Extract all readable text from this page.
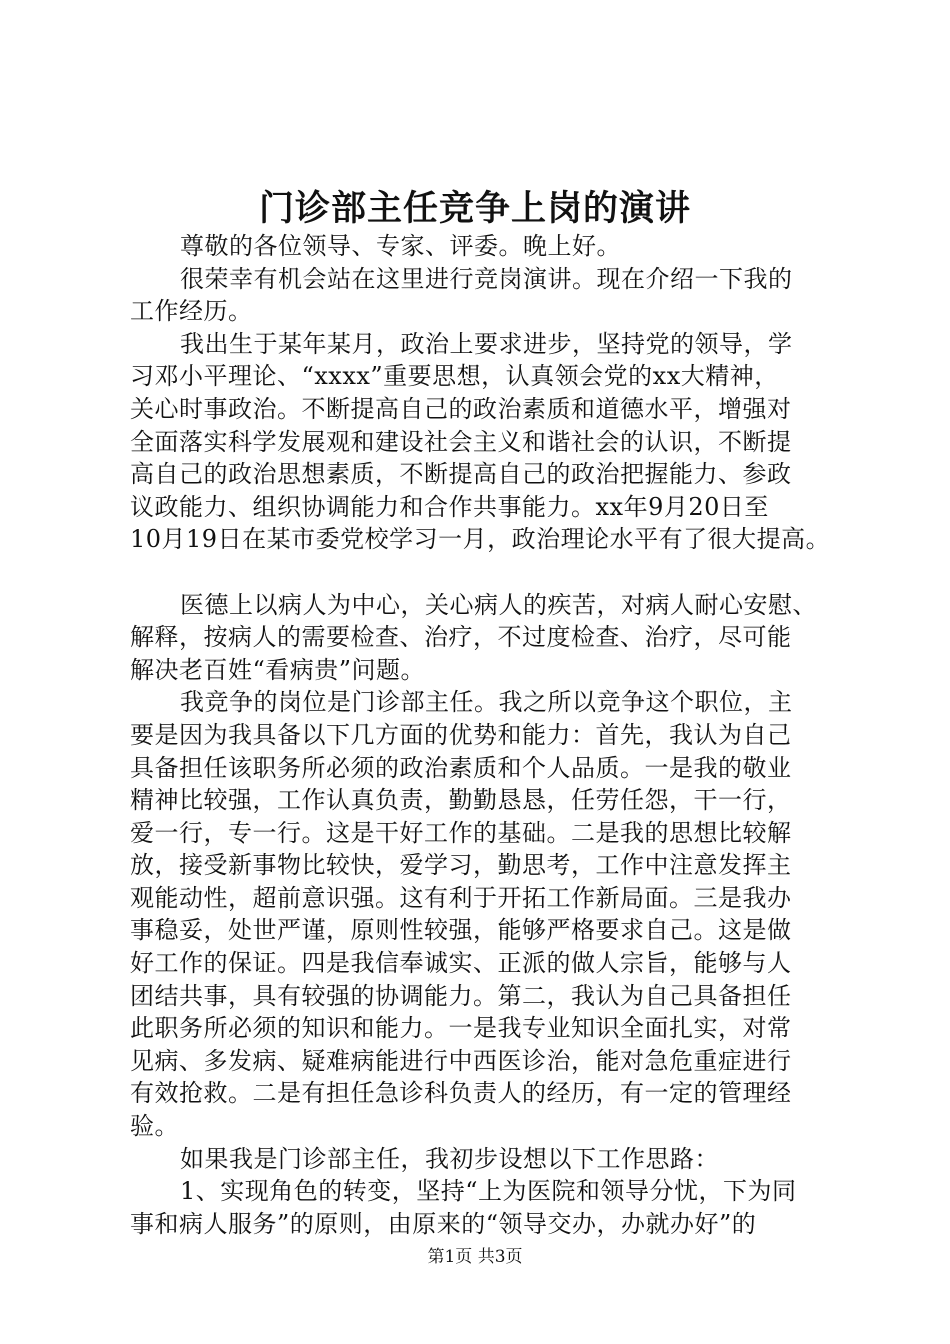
门诊部主任竞争上岗的演讲
尊敬的各位领导、专家、评委。晚上好。
很荣幸有机会站在这里进行竞岗演讲。现在介绍一下我的
工作经历。
我出生于某年某月，政治上要求进步，坚持党的领导，学
习邓小平理论、“xxxx”重要思想，认真领会党的xx大精神，
关心时事政治。不断提高自己的政治素质和道德水平，增强对
全面落实科学发展观和建设社会主义和谐社会的认识，不断提
高自己的政治思想素质，不断提高自己的政治把握能力、参政
议政能力、组织协调能力和合作共事能力。xx年9月20日至
10月19日在某市委党校学习一月，政治理论水平有了很大提高。
医德上以病人为中心，关心病人的疾苦，对病人耐心安慰、
解释，按病人的需要检查、治疗，不过度检查、治疗，尽可能
解决老百姓“看病贵”问题。
我竞争的岗位是门诊部主任。我之所以竞争这个职位，主
要是因为我具备以下几方面的优势和能力：首先，我认为自己
具备担任该职务所必须的政治素质和个人品质。一是我的敬业
精神比较强，工作认真负责，勤勤恳恳，任劳任怨，干一行，
爱一行，专一行。这是干好工作的基础。二是我的思想比较解
放，接受新事物比较快，爱学习，勤思考，工作中注意发挥主
观能动性，超前意识强。这有利于开拓工作新局面。三是我办
事稳妥，处世严谨，原则性较强，能够严格要求自己。这是做
好工作的保证。四是我信奉诚实、正派的做人宗旨，能够与人
团结共事，具有较强的协调能力。第二，我认为自己具备担任
此职务所必须的知识和能力。一是我专业知识全面扎实，对常
见病、多发病、疑难病能进行中西医诊治，能对急危重症进行
有效抢救。二是有担任急诊科负责人的经历，有一定的管理经
验。
如果我是门诊部主任，我初步设想以下工作思路：
1、实现角色的转变，坚持“上为医院和领导分忧，下为同
事和病人服务”的原则，由原来的“领导交办，办就办好”的
第1页 共3页
